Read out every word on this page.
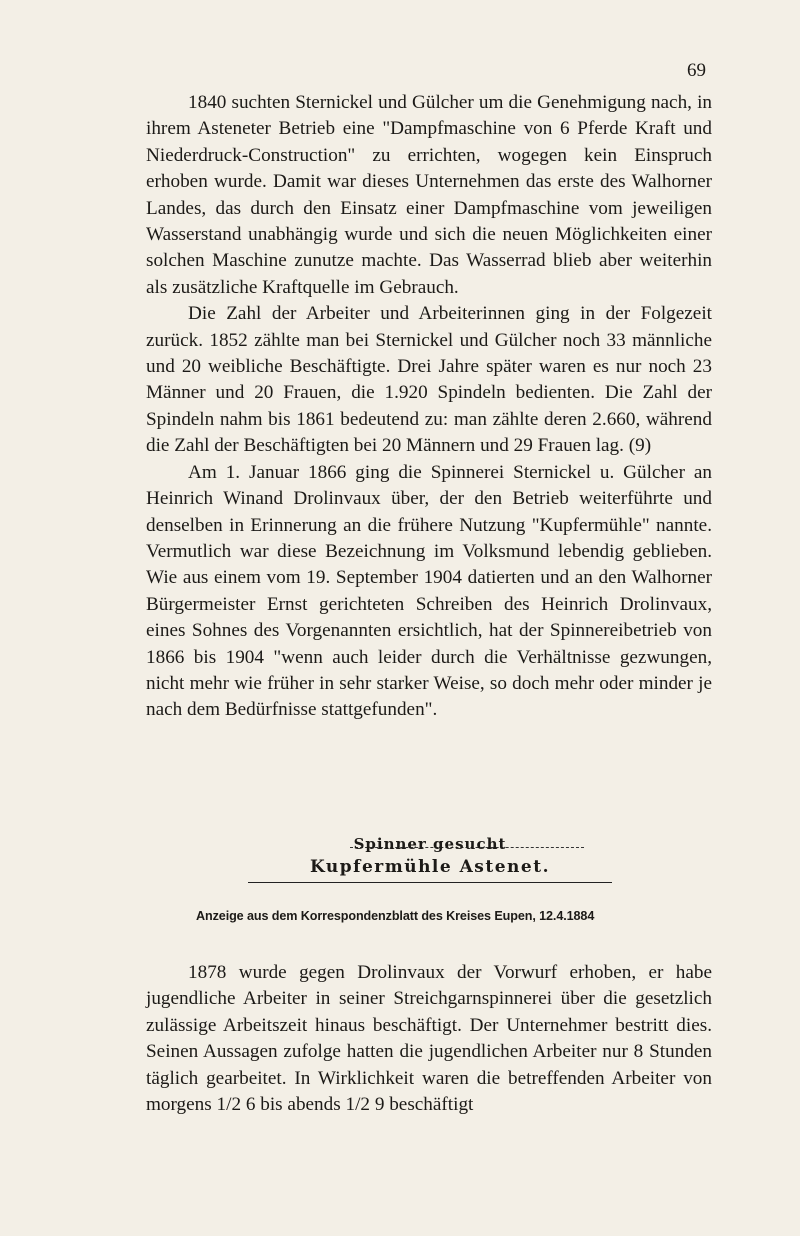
69

1840 suchten Sternickel und Gülcher um die Genehmigung nach, in ihrem Asteneter Betrieb eine "Dampfmaschine von 6 Pferde Kraft und Niederdruck-Construction" zu errichten, wogegen kein Einspruch erhoben wurde. Damit war dieses Unternehmen das erste des Walhorner Landes, das durch den Einsatz einer Dampfmaschine vom jeweiligen Wasserstand unabhängig wurde und sich die neuen Möglichkeiten einer solchen Maschine zunutze machte. Das Wasserrad blieb aber weiterhin als zusätzliche Kraftquelle im Gebrauch.

Die Zahl der Arbeiter und Arbeiterinnen ging in der Folgezeit zurück. 1852 zählte man bei Sternickel und Gülcher noch 33 männliche und 20 weibliche Beschäftigte. Drei Jahre später waren es nur noch 23 Männer und 20 Frauen, die 1.920 Spindeln bedienten. Die Zahl der Spindeln nahm bis 1861 bedeutend zu: man zählte deren 2.660, während die Zahl der Beschäftigten bei 20 Männern und 29 Frauen lag. (9)

Am 1. Januar 1866 ging die Spinnerei Sternickel u. Gülcher an Heinrich Winand Drolinvaux über, der den Betrieb weiterführte und denselben in Erinnerung an die frühere Nutzung "Kupfermühle" nannte. Vermutlich war diese Bezeichnung im Volksmund lebendig geblieben. Wie aus einem vom 19. September 1904 datierten und an den Walhorner Bürgermeister Ernst gerichteten Schreiben des Heinrich Drolinvaux, eines Sohnes des Vorgenannten ersichtlich, hat der Spinnereibetrieb von 1866 bis 1904 "wenn auch leider durch die Verhältnisse gezwungen, nicht mehr wie früher in sehr starker Weise, so doch mehr oder minder je nach dem Bedürfnisse stattgefunden".

Spinner gesucht
Kupfermühle Astenet.
Anzeige aus dem Korrespondenzblatt des Kreises Eupen, 12.4.1884

1878 wurde gegen Drolinvaux der Vorwurf erhoben, er habe jugendliche Arbeiter in seiner Streichgarnspinnerei über die gesetzlich zulässige Arbeitszeit hinaus beschäftigt. Der Unternehmer bestritt dies. Seinen Aussagen zufolge hatten die jugendlichen Arbeiter nur 8 Stunden täglich gearbeitet. In Wirklichkeit waren die betreffenden Arbeiter von morgens 1/2 6 bis abends 1/2 9 beschäftigt
